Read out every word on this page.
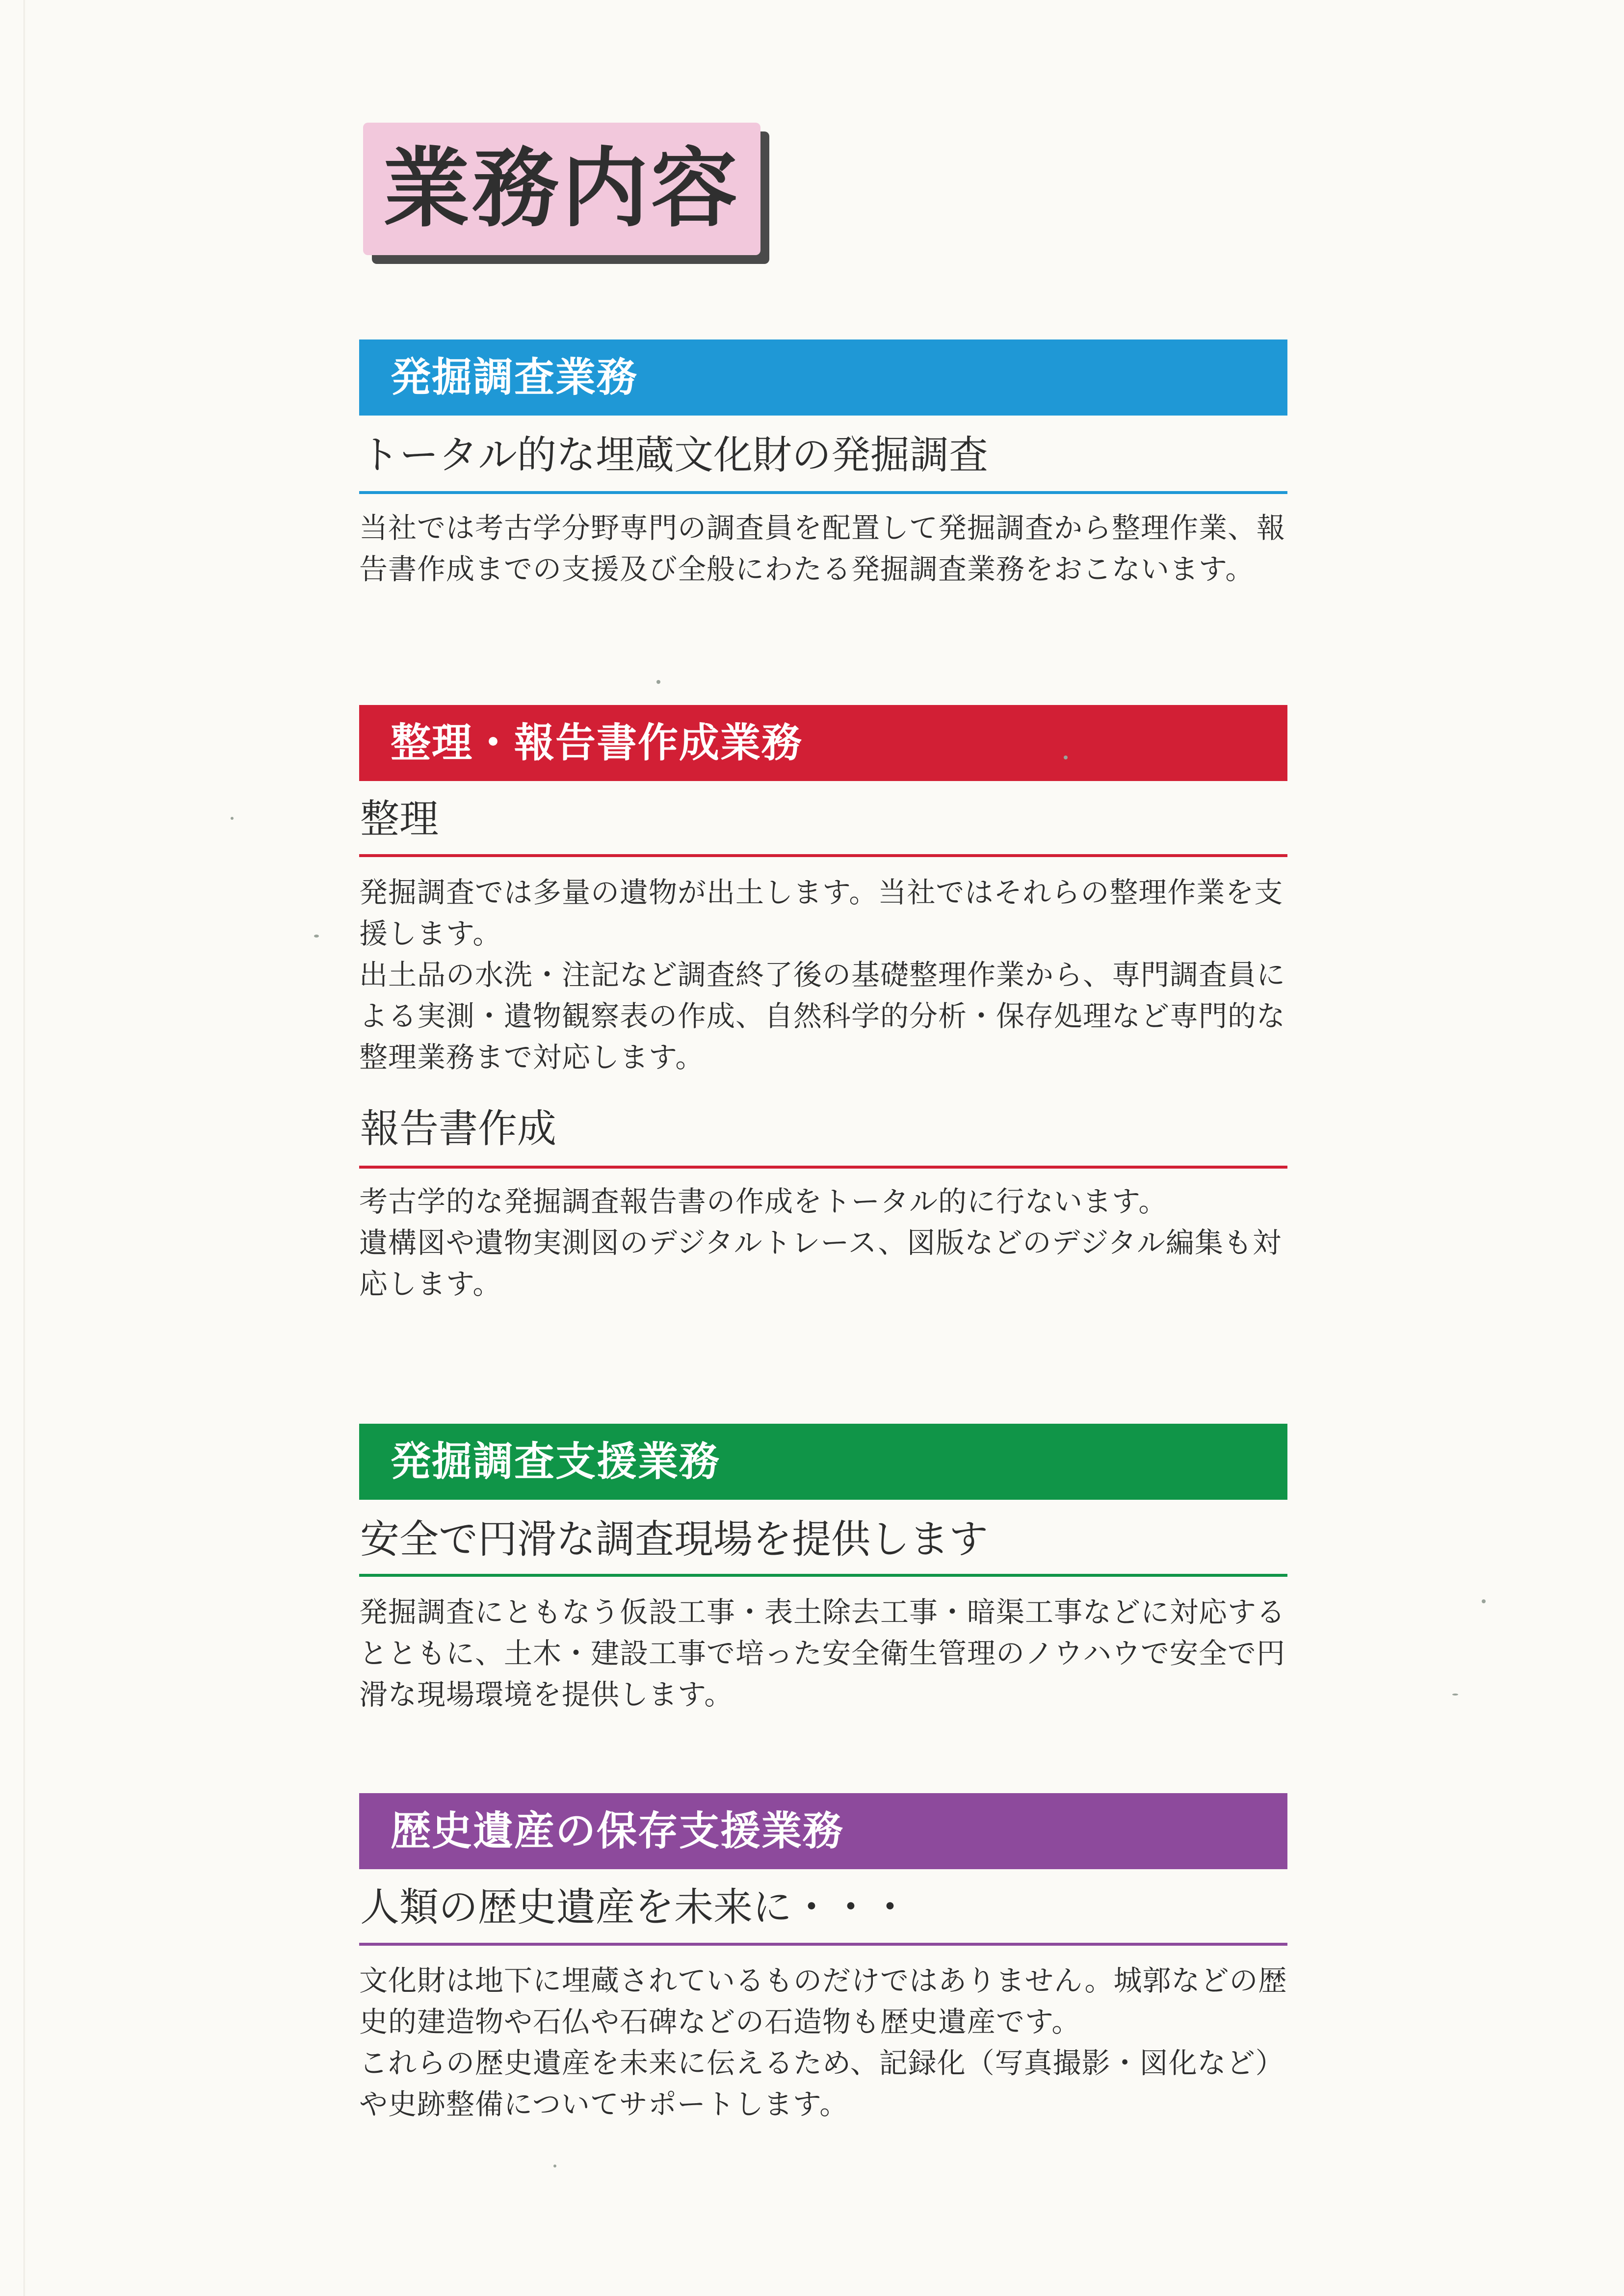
業務内容
発掘調査業務
トータル的な埋蔵文化財の発掘調査

当社では考古学分野専門の調査員を配置して発掘調査から整理作業、報告書作成までの支援及び全般にわたる発掘調査業務をおこないます。

整理・報告書作成業務
整理

発掘調査では多量の遺物が出土します。当社ではそれらの整理作業を支援します。

出土品の水洗・注記など調査終了後の基礎整理作業から、専門調査員による実測・遺物観察表の作成、自然科学的分析・保存処理など専門的な整理業務まで対応します。

報告書作成

考古学的な発掘調査報告書の作成をトータル的に行ないます。

遺構図や遺物実測図のデジタルトレース、図版などのデジタル編集も対応します。

発掘調査支援業務
安全で円滑な調査現場を提供します

発掘調査にともなう仮設工事・表土除去工事・暗渠工事などに対応するとともに、土木・建設工事で培った安全衛生管理のノウハウで安全で円滑な現場環境を提供します。

歴史遺産の保存支援業務
人類の歴史遺産を未来に・・・

文化財は地下に埋蔵されているものだけではありません。城郭などの歴史的建造物や石仏や石碑などの石造物も歴史遺産です。

これらの歴史遺産を未来に伝えるため、記録化（写真撮影・図化など）や史跡整備についてサポートします。
